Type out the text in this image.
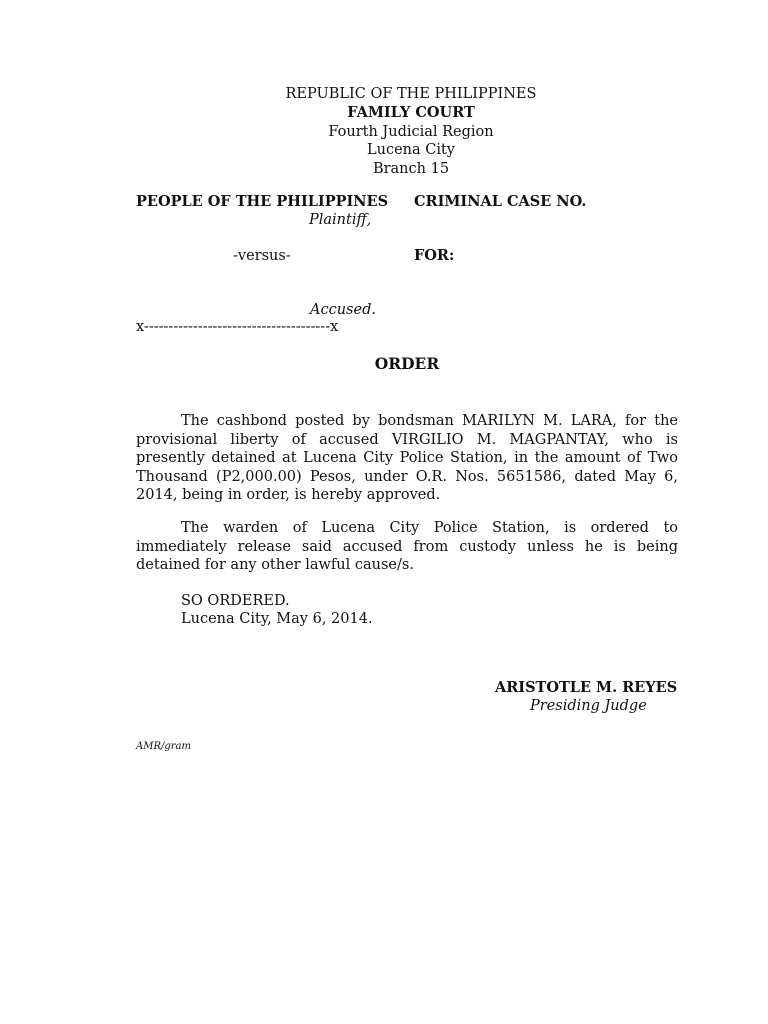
REPUBLIC OF THE PHILIPPINES
FAMILY COURT
Fourth Judicial Region
Lucena City
Branch 15
PEOPLE OF THE PHILIPPINES
Plaintiff,
-versus-
Accused.
x--------------------------------------x
CRIMINAL CASE NO.
FOR:
ORDER
The cashbond posted by bondsman MARILYN M. LARA, for the provisional liberty of accused VIRGILIO M. MAGPANTAY, who is presently detained at Lucena City Police Station, in the amount of Two Thousand (P2,000.00) Pesos, under O.R. Nos. 5651586, dated May 6, 2014, being in order, is hereby approved.
The warden of Lucena City Police Station, is ordered to immediately release said accused from custody unless he is being detained for any other lawful cause/s.
SO ORDERED.
Lucena City, May 6, 2014.
ARISTOTLE M. REYES
Presiding Judge
AMR/gram
